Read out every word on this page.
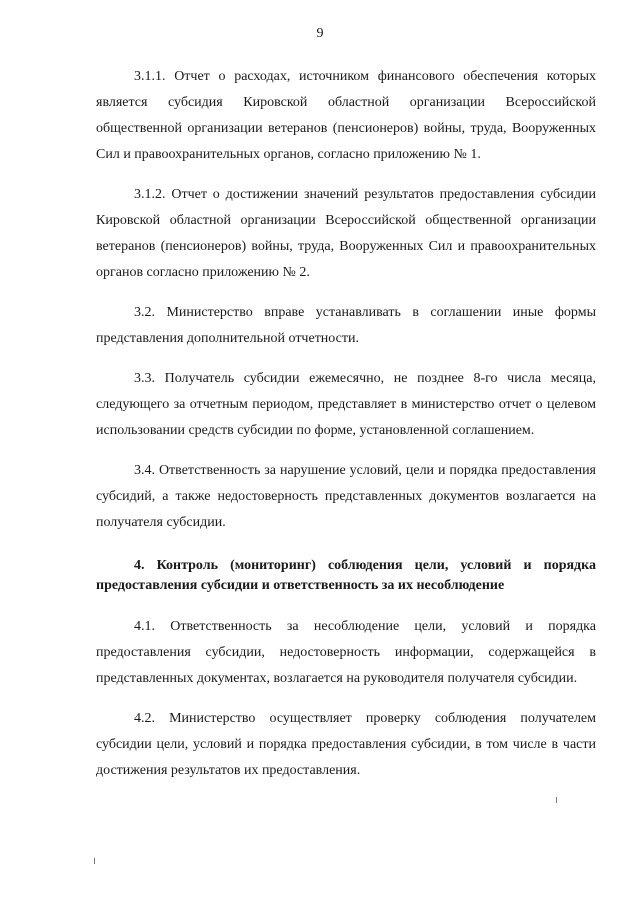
9

3.1.1. Отчет о расходах, источником финансового обеспечения которых является субсидия Кировской областной организации Всероссийской общественной организации ветеранов (пенсионеров) войны, труда, Вооруженных Сил и правоохранительных органов, согласно приложению № 1.

3.1.2. Отчет о достижении значений результатов предоставления субсидии Кировской областной организации Всероссийской общественной организации ветеранов (пенсионеров) войны, труда, Вооруженных Сил и правоохранительных органов согласно приложению № 2.

3.2. Министерство вправе устанавливать в соглашении иные формы представления дополнительной отчетности.

3.3. Получатель субсидии ежемесячно, не позднее 8-го числа месяца, следующего за отчетным периодом, представляет в министерство отчет о целевом использовании средств субсидии по форме, установленной соглашением.

3.4. Ответственность за нарушение условий, цели и порядка предоставления субсидий, а также недостоверность представленных документов возлагается на получателя субсидии.

4. Контроль (мониторинг) соблюдения цели, условий и порядка предоставления субсидии и ответственность за их несоблюдение

4.1. Ответственность за несоблюдение цели, условий и порядка предоставления субсидии, недостоверность информации, содержащейся в представленных документах, возлагается на руководителя получателя субсидии.

4.2. Министерство осуществляет проверку соблюдения получателем субсидии цели, условий и порядка предоставления субсидии, в том числе в части достижения результатов их предоставления.
